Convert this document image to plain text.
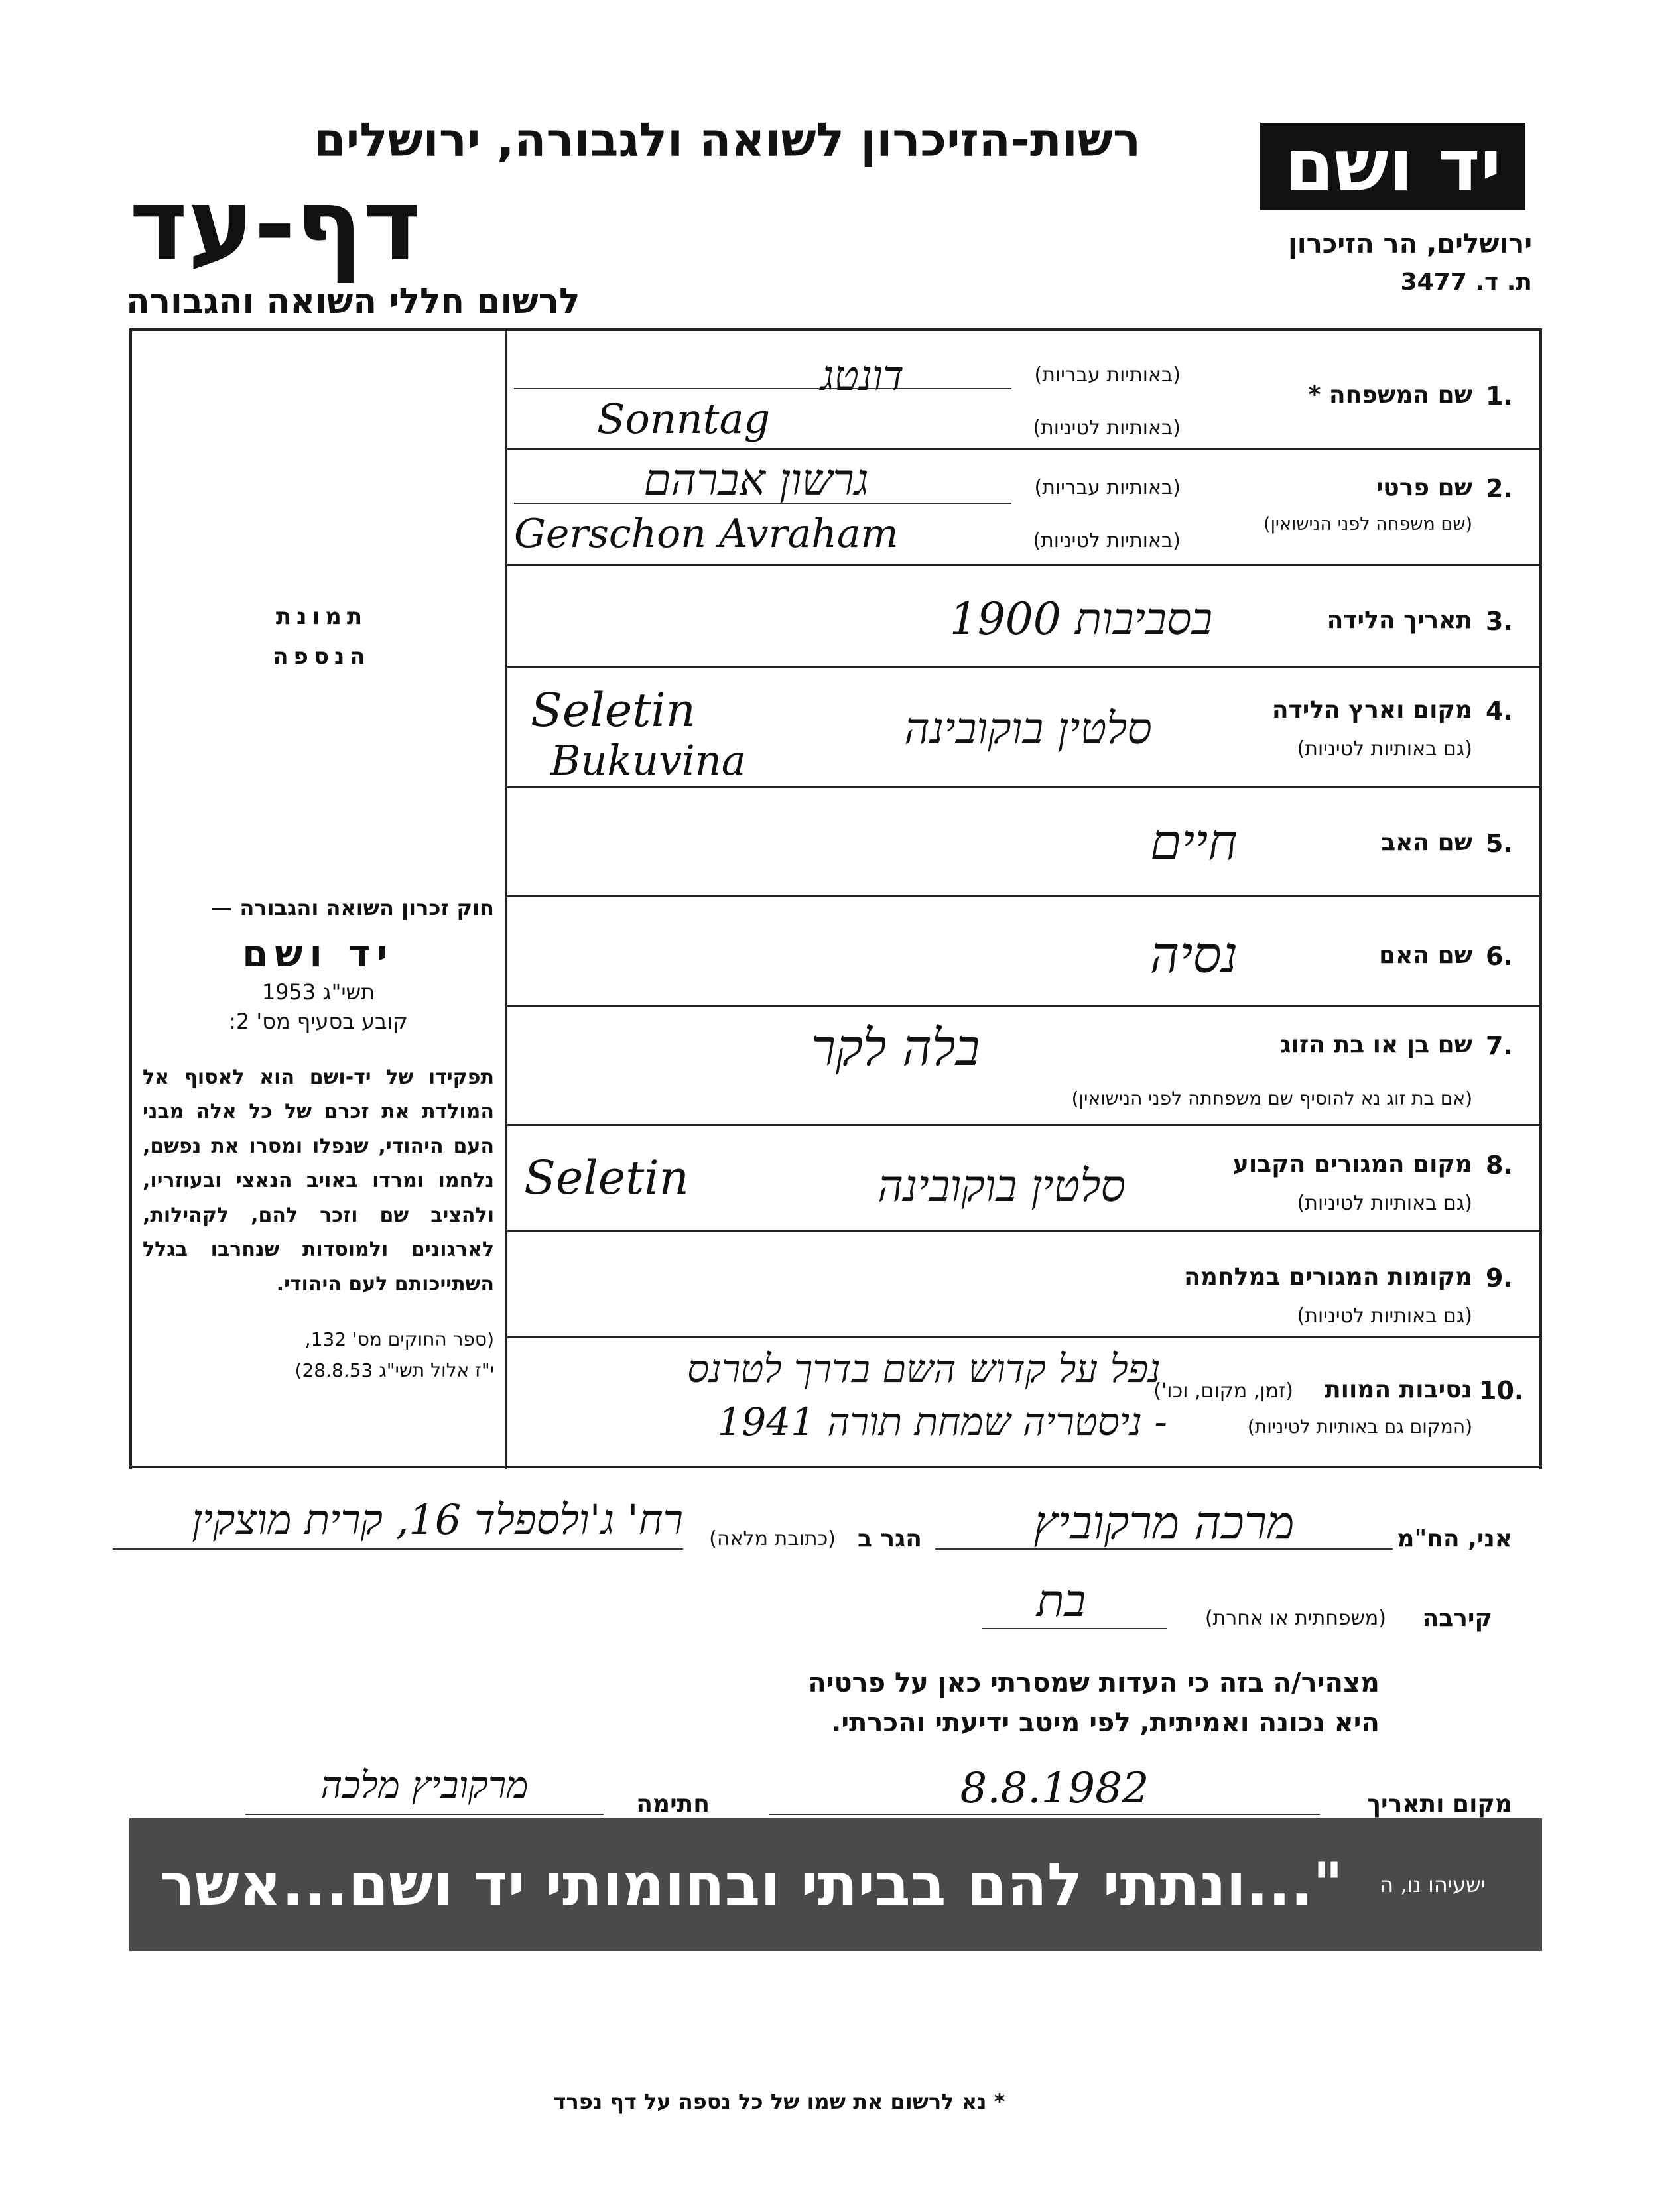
יד ושם
ירושלים, הר הזיכרון
ת. ד. 3477
רשות-הזיכרון לשואה ולגבורה, ירושלים
דף-עד
לרשום חללי השואה והגבורה
תמונת
הנספה
חוק זכרון השואה והגבורה —
יד ושם
תשי"ג 1953
קובע בסעיף מס' 2:
תפקידו של יד-ושם הוא לאסוף אל המולדת את זכרם של כל אלה מבני העם היהודי, שנפלו ומסרו את נפשם, נלחמו ומרדו באויב הנאצי ובעוזריו, ולהציב שם וזכר להם, לקהילות, לארגונים ולמוסדות שנחרבו בגלל השתייכותם לעם היהודי.
(ספר החוקים מס' 132,
י"ז אלול תשי"ג 28.8.53)
1.
שם המשפחה *
(באותיות עבריות)
דונטג
(באותיות לטיניות)
Sonntag
2.
שם פרטי
(שם משפחה לפני הנישואין)
(באותיות עבריות)
גרשון אברהם
(באותיות לטיניות)
Gerschon Avraham
3.
תאריך הלידה
בסביבות 1900
4.
מקום וארץ הלידה
(גם באותיות לטיניות)
Seletin
Bukuvina
סלטין בוקובינה
5.
שם האב
חיים
6.
שם האם
נסיה
7.
שם בן או בת הזוג
(אם בת זוג נא להוסיף שם משפחתה לפני הנישואין)
בלה לקר
8.
מקום המגורים הקבוע
(גם באותיות לטיניות)
Seletin	סלטין בוקובינה
9.
מקומות המגורים במלחמה
(גם באותיות לטיניות)
10.
נסיבות המוות
(זמן, מקום, וכו')
(המקום גם באותיות לטיניות)
נפל על קדוש השם בדרך לטרנס
- ניסטריה שמחת תורה 1941
אני, הח"מ
מרכה מרקוביץ
הגר ב
(כתובת מלאה)
רח' ג'ולספלד 16, קרית מוצקין
קירבה
(משפחתית או אחרת)
בת
מצהיר/ה בזה כי העדות שמסרתי כאן על פרטיה
היא נכונה ואמיתית, לפי מיטב ידיעתי והכרתי.
מקום ותאריך
8.8.1982
חתימה
מרקוביץ מלכה
ישעיהו נו, ה
"...ונתתי להם בביתי ובחומותי יד ושם...אשר לא יכרת"
* נא לרשום את שמו של כל נספה על דף נפרד
